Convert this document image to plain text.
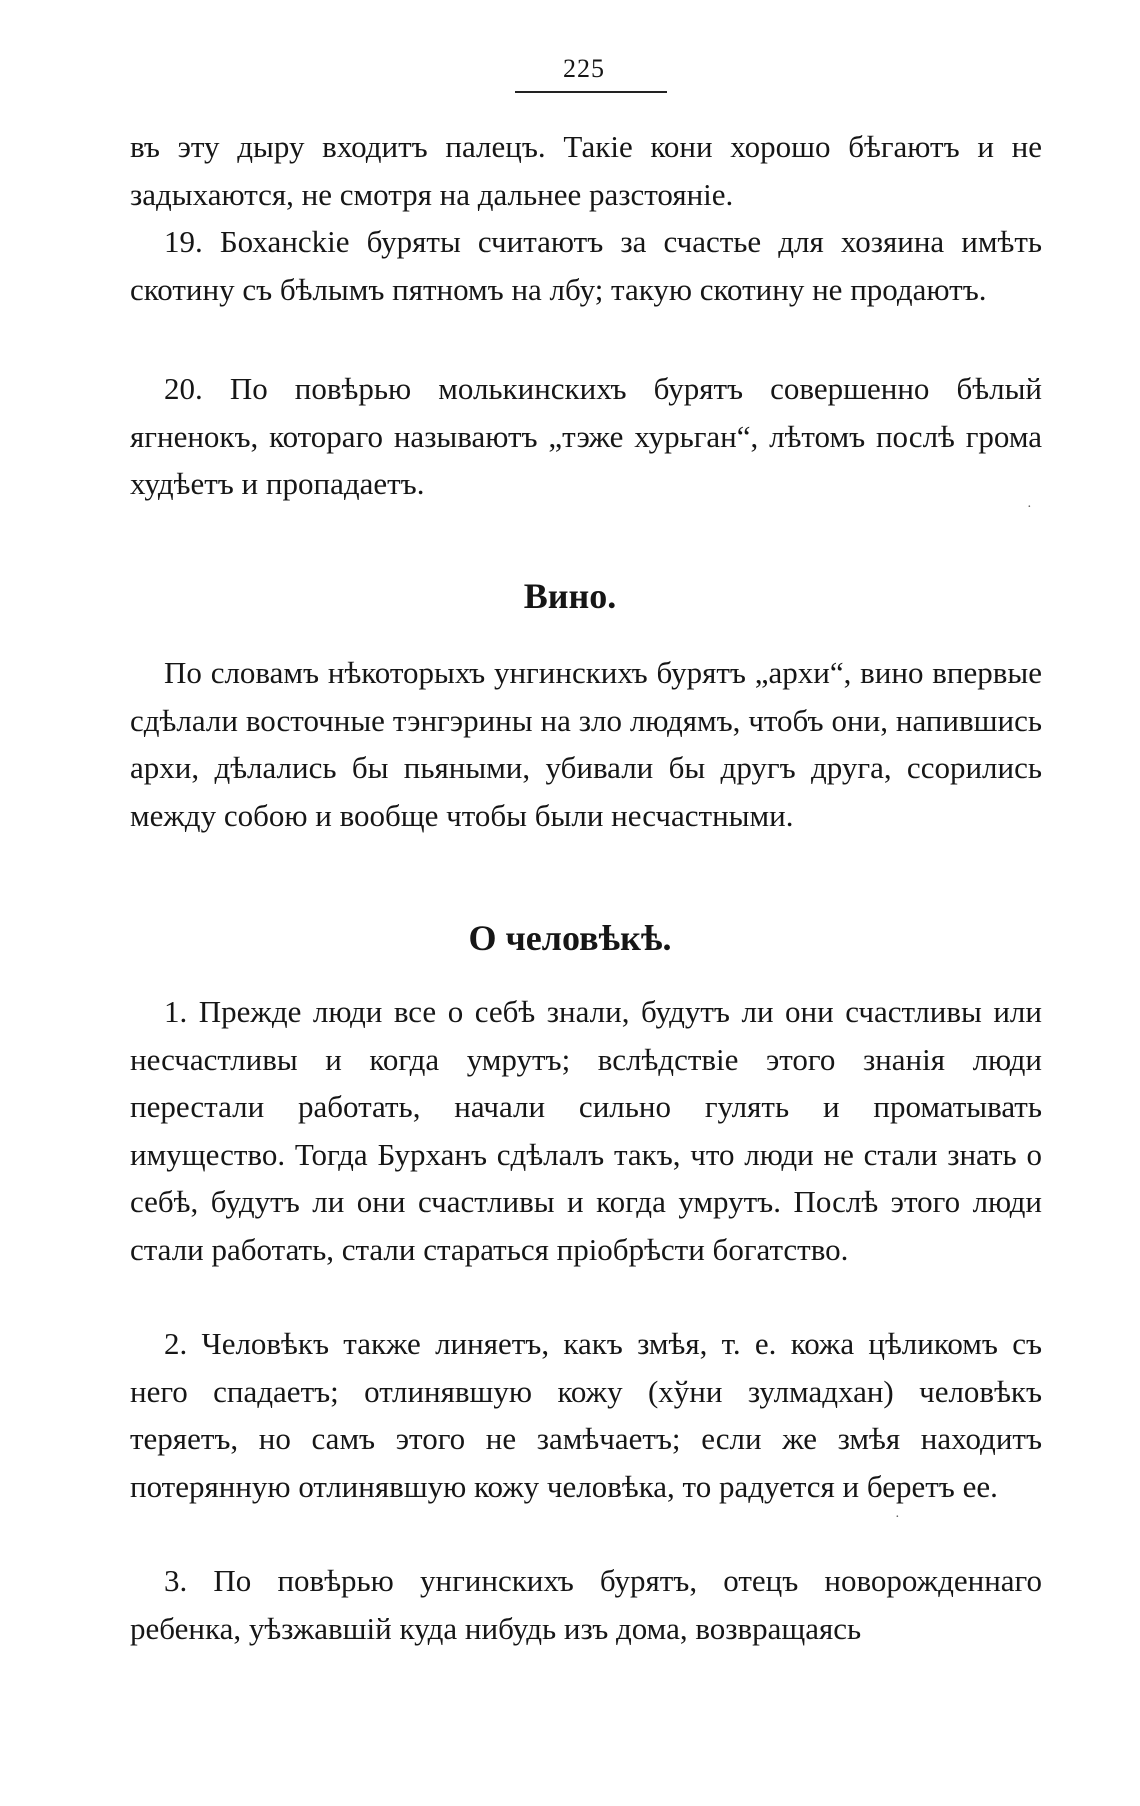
225

въ эту дыру входитъ палецъ. Такіе кони хорошо бѣгаютъ и не задыхаются, не смотря на дальнее разстояніе.

19. Бохансkіе буряты считаютъ за счастье для хозяина имѣть скотину съ бѣлымъ пятномъ на лбу; такую скотину не продаютъ.

20. По повѣрью молькинскихъ бурятъ совершенно бѣлый ягненокъ, котораго называютъ „тэже хурьган“, лѣтомъ послѣ грома худѣетъ и пропадаетъ.

Вино.

По словамъ нѣкоторыхъ унгинскихъ бурятъ „архи“, вино впервые сдѣлали восточные тэнгэрины на зло людямъ, чтобъ они, напившись архи, дѣлались бы пьяными, убивали бы другъ друга, ссорились между собою и вообще чтобы были несчастными.

О человѣкѣ.

1. Прежде люди все о себѣ знали, будутъ ли они счастливы или несчастливы и когда умрутъ; вслѣдствіе этого знанія люди перестали работать, начали сильно гулять и проматывать имущество. Тогда Бурханъ сдѣлалъ такъ, что люди не стали знать о себѣ, будутъ ли они счастливы и когда умрутъ. Послѣ этого люди стали работать, стали стараться пріобрѣсти богатство.

2. Человѣкъ также линяетъ, какъ змѣя, т. е. кожа цѣликомъ съ него спадаетъ; отлинявшую кожу (хўни зулмадхан) человѣкъ теряетъ, но самъ этого не замѣчаетъ; если же змѣя находитъ потерянную отлинявшую кожу человѣка, то радуется и беретъ ее.

3. По повѣрью унгинскихъ бурятъ, отецъ новорожденнаго ребенка, уѣзжавшій куда нибудь изъ дома, возвращаясь

·
·
